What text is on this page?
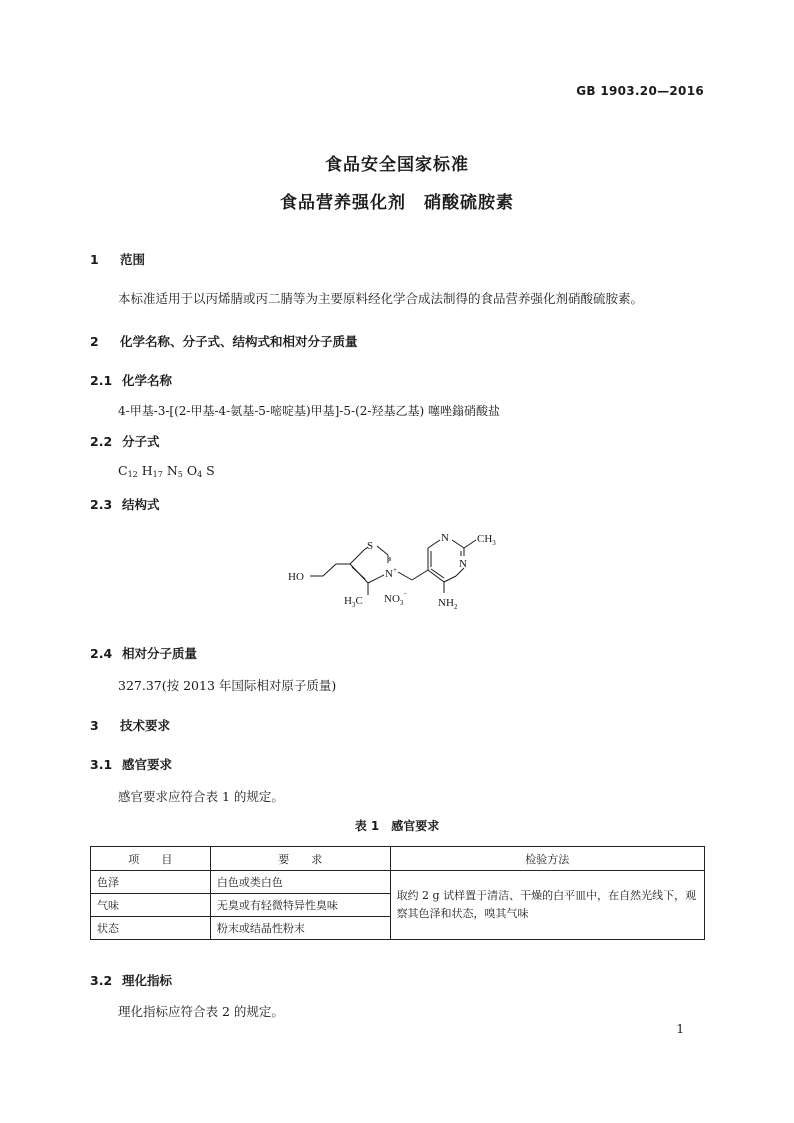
GB 1903.20—2016
食品安全国家标准
食品营养强化剂　硝酸硫胺素
1 范围
本标准适用于以丙烯腈或丙二腈等为主要原料经化学合成法制得的食品营养强化剂硝酸硫胺素。
2 化学名称、分子式、结构式和相对分子质量
2.1 化学名称
4-甲基-3-[(2-甲基-4-氨基-5-嘧啶基)甲基]-5-(2-羟基乙基) 噻唑鎓硝酸盐
2.2 分子式
$C_{12}$ $H_{17}$ $N_5$ $O_4$ S
2.3 结构式
HO
S
N+
$H_3C$ $NO_3^-$
N
N
$CH_3$
$NH_2$
2.4 相对分子质量
327.37(按 2013 年国际相对原子质量)
3 技术要求
3.1 感官要求
感官要求应符合表 1 的规定。
表 1　感官要求
项　　目	要　　求	检验方法
色泽	白色或类白色	取约 2 g 试样置于清洁、干燥的白平皿中，在自然光线下，观察其色泽和状态，嗅其气味
气味	无臭或有轻微特异性臭味	
状态	粉末或结晶性粉末	
3.2 理化指标
理化指标应符合表 2 的规定。
1
